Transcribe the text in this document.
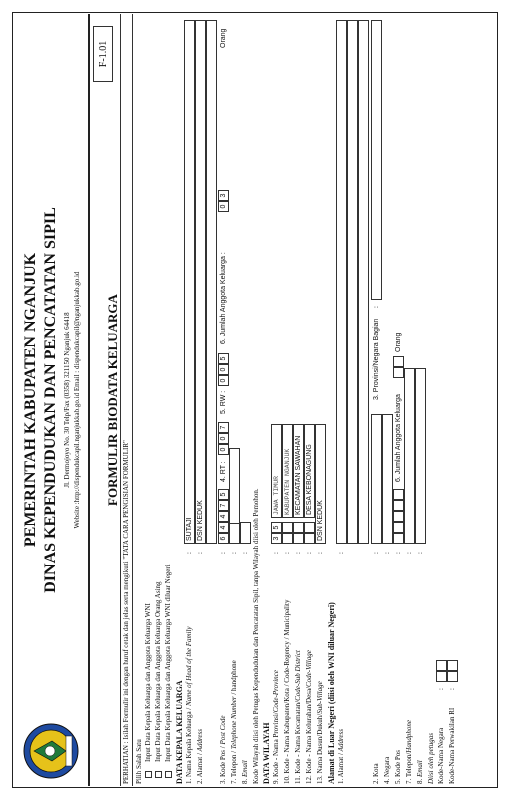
PEMERINTAH KABUPATEN NGANJUK DINAS KEPENDUDUKAN DAN PENCATATAN SIPIL Jl. Dermojoyo No. 30 Telp/Fax (0358) 321150 Nganjuk 64418 Website :http://dispendukcapil.nganjukkab.go.id Email : dispendukcapil@nganjukkab.go.id
F-1.01
FORMULIR BIODATA KELUARGA
PERHATIAN : Isilah Formulir ini dengan huruf cetak dan jelas serta mengikuti "TATA CARA PENGISIAN FORMULIR" Pilih Salah Satu Input Data Kepala Keluarga dan Anggota Keluarga WNI Input Data Kepala Keluarga dan Anggota Keluarga Orang Asing Input Data Kepala Keluarga dan Anggota Keluarga WNI diluar Negeri DATA KEPALA KELUARGA 1. Nama Kepala Keluarga / Name of Head of the Family
:
SUTAJI
2. Alamat / Address
:
DSN KEDUK
3. Kode Pos / Post Code
:
6
4
4
7
5
4. RT :
0
0
7
5. RW :
0
0
5
6. Jumlah Anggota Keluarga :
0
3
Orang
7. Telepon / Telephone Number / handphone
:
8. Email
: Kode Wilayah diisi oleh Petugas Kependudukan dan Pencatatan Sipil, tanpa Wilayah diisi oleh Pemohon. DATA WILAYAH 9. Kode - Nama Provinsi/Code-Province
:
3
5
JAWA TIMUR
10. Kode - Nama Kabupaten/Kota / Code-Regency / Municipality
:
KABUPATEN NGANJUK
11. Kode - Nama Kecamatan/Code-Sub District
:
KECAMATAN SAWAHAN
12. Kode - Nama Kelurahan/Desa/Code-Village
:
DESA KEBONAGUNG
13. Nama Dusun/Dukuh/Sub-Village
:
DSN KEDUK
Alamat di Luar Negeri (diisi oleh WNI diluar Negeri) 1. Alamat / Address
:
2. Kota
:
3. Provinsi/Negara Bagian
:
4. Negara
:
5. Kode Pos
:
6. Jumlah Anggota Keluarga
Orang
7. Telepon/Handphone
:
8. Email
:
Diisi oleh petugas Kode-Nama Negara
:
Kode-Nama Perwakilan RI
:
